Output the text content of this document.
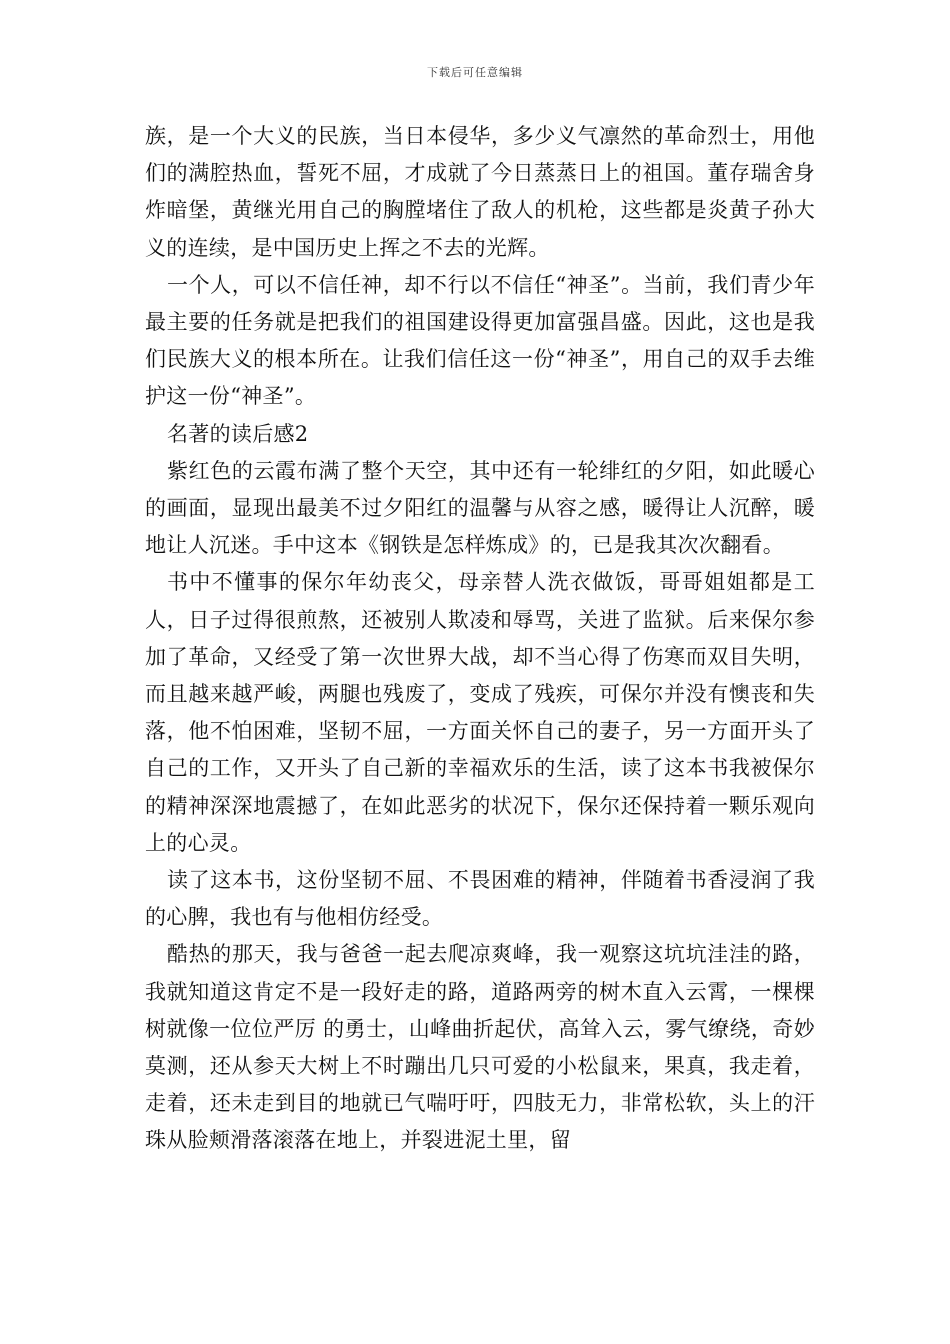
下载后可任意编辑

族，是一个大义的民族，当日本侵华，多少义气凛然的革命烈士，用他们的满腔热血，誓死不屈，才成就了今日蒸蒸日上的祖国。董存瑞舍身炸暗堡，黄继光用自己的胸膛堵住了敌人的机枪，这些都是炎黄子孙大义的连续，是中国历史上挥之不去的光辉。

一个人，可以不信任神，却不行以不信任“神圣”。当前，我们青少年最主要的任务就是把我们的祖国建设得更加富强昌盛。因此，这也是我们民族大义的根本所在。让我们信任这一份“神圣”，用自己的双手去维护这一份“神圣”。

名著的读后感2

紫红色的云霞布满了整个天空，其中还有一轮绯红的夕阳，如此暖心的画面，显现出最美不过夕阳红的温馨与从容之感，暖得让人沉醉，暖地让人沉迷。手中这本《钢铁是怎样炼成》的，已是我其次次翻看。

书中不懂事的保尔年幼丧父，母亲替人洗衣做饭，哥哥姐姐都是工人，日子过得很煎熬，还被别人欺凌和辱骂，关进了监狱。后来保尔参加了革命，又经受了第一次世界大战，却不当心得了伤寒而双目失明，而且越来越严峻，两腿也残废了，变成了残疾，可保尔并没有懊丧和失落，他不怕困难，坚韧不屈，一方面关怀自己的妻子，另一方面开头了自己的工作，又开头了自己新的幸福欢乐的生活，读了这本书我被保尔的精神深深地震撼了，在如此恶劣的状况下，保尔还保持着一颗乐观向上的心灵。

读了这本书，这份坚韧不屈、不畏困难的精神，伴随着书香浸润了我的心脾，我也有与他相仿经受。

酷热的那天，我与爸爸一起去爬凉爽峰，我一观察这坑坑洼洼的路，我就知道这肯定不是一段好走的路，道路两旁的树木直入云霄，一棵棵树就像一位位严厉 的勇士，山峰曲折起伏，高耸入云，雾气缭绕，奇妙莫测，还从参天大树上不时蹦出几只可爱的小松鼠来，果真，我走着，走着，还未走到目的地就已气喘吁吁，四肢无力，非常松软，头上的汗珠从脸颊滑落滚落在地上，并裂进泥土里，留
